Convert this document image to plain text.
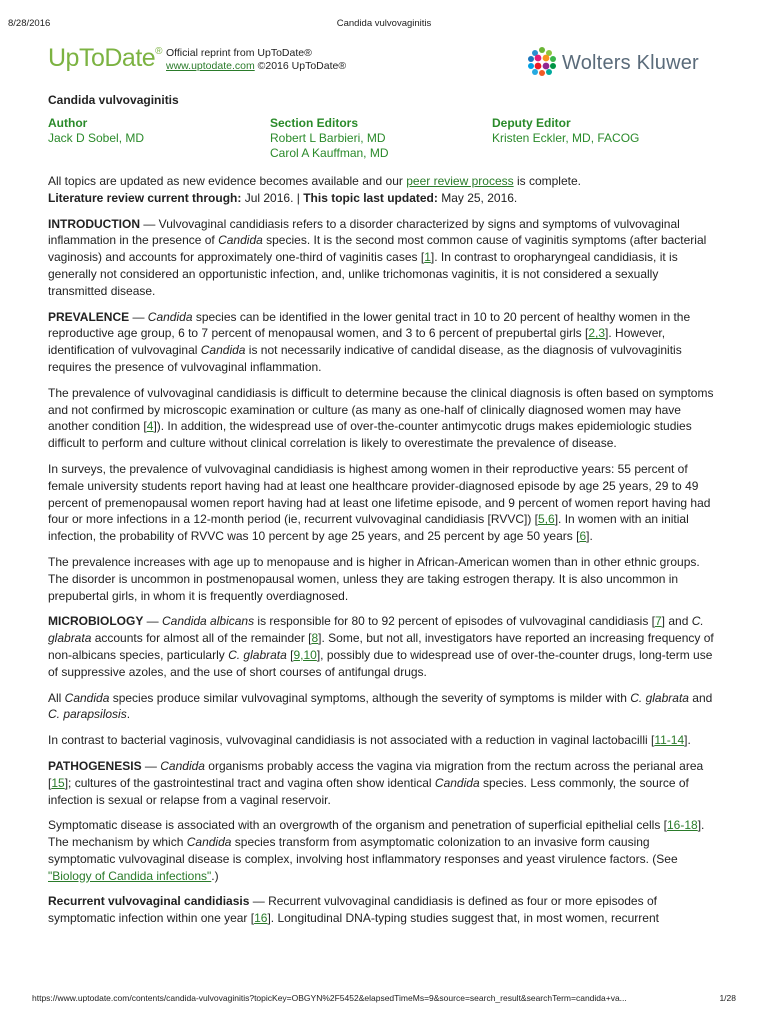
8/28/2016	Candida vulvovaginitis
UpToDate® Official reprint from UpToDate®
www.uptodate.com ©2016 UpToDate®	Wolters Kluwer
Candida vulvovaginitis
Author
Jack D Sobel, MD
Section Editors
Robert L Barbieri, MD
Carol A Kauffman, MD
Deputy Editor
Kristen Eckler, MD, FACOG

All topics are updated as new evidence becomes available and our peer review process is complete.
Literature review current through: Jul 2016. | This topic last updated: May 25, 2016.

INTRODUCTION — Vulvovaginal candidiasis refers to a disorder characterized by signs and symptoms of vulvovaginal inflammation in the presence of Candida species. It is the second most common cause of vaginitis symptoms (after bacterial vaginosis) and accounts for approximately one-third of vaginitis cases [1]. In contrast to oropharyngeal candidiasis, it is generally not considered an opportunistic infection, and, unlike trichomonas vaginitis, it is not considered a sexually transmitted disease.

PREVALENCE — Candida species can be identified in the lower genital tract in 10 to 20 percent of healthy women in the reproductive age group, 6 to 7 percent of menopausal women, and 3 to 6 percent of prepubertal girls [2,3]. However, identification of vulvovaginal Candida is not necessarily indicative of candidal disease, as the diagnosis of vulvovaginitis requires the presence of vulvovaginal inflammation.

The prevalence of vulvovaginal candidiasis is difficult to determine because the clinical diagnosis is often based on symptoms and not confirmed by microscopic examination or culture (as many as one-half of clinically diagnosed women may have another condition [4]). In addition, the widespread use of over-the-counter antimycotic drugs makes epidemiologic studies difficult to perform and culture without clinical correlation is likely to overestimate the prevalence of disease.

In surveys, the prevalence of vulvovaginal candidiasis is highest among women in their reproductive years: 55 percent of female university students report having had at least one healthcare provider-diagnosed episode by age 25 years, 29 to 49 percent of premenopausal women report having had at least one lifetime episode, and 9 percent of women report having had four or more infections in a 12-month period (ie, recurrent vulvovaginal candidiasis [RVVC]) [5,6]. In women with an initial infection, the probability of RVVC was 10 percent by age 25 years, and 25 percent by age 50 years [6].

The prevalence increases with age up to menopause and is higher in African-American women than in other ethnic groups. The disorder is uncommon in postmenopausal women, unless they are taking estrogen therapy. It is also uncommon in prepubertal girls, in whom it is frequently overdiagnosed.

MICROBIOLOGY — Candida albicans is responsible for 80 to 92 percent of episodes of vulvovaginal candidiasis [7] and C. glabrata accounts for almost all of the remainder [8]. Some, but not all, investigators have reported an increasing frequency of non-albicans species, particularly C. glabrata [9,10], possibly due to widespread use of over-the-counter drugs, long-term use of suppressive azoles, and the use of short courses of antifungal drugs.

All Candida species produce similar vulvovaginal symptoms, although the severity of symptoms is milder with C. glabrata and C. parapsilosis.

In contrast to bacterial vaginosis, vulvovaginal candidiasis is not associated with a reduction in vaginal lactobacilli [11-14].

PATHOGENESIS — Candida organisms probably access the vagina via migration from the rectum across the perianal area [15]; cultures of the gastrointestinal tract and vagina often show identical Candida species. Less commonly, the source of infection is sexual or relapse from a vaginal reservoir.

Symptomatic disease is associated with an overgrowth of the organism and penetration of superficial epithelial cells [16-18]. The mechanism by which Candida species transform from asymptomatic colonization to an invasive form causing symptomatic vulvovaginal disease is complex, involving host inflammatory responses and yeast virulence factors. (See "Biology of Candida infections".)

Recurrent vulvovaginal candidiasis — Recurrent vulvovaginal candidiasis is defined as four or more episodes of symptomatic infection within one year [16]. Longitudinal DNA-typing studies suggest that, in most women, recurrent

https://www.uptodate.com/contents/candida-vulvovaginitis?topicKey=OBGYN%2F5452&elapsedTimeMs=9&source=search_result&searchTerm=candida+va...	1/28
